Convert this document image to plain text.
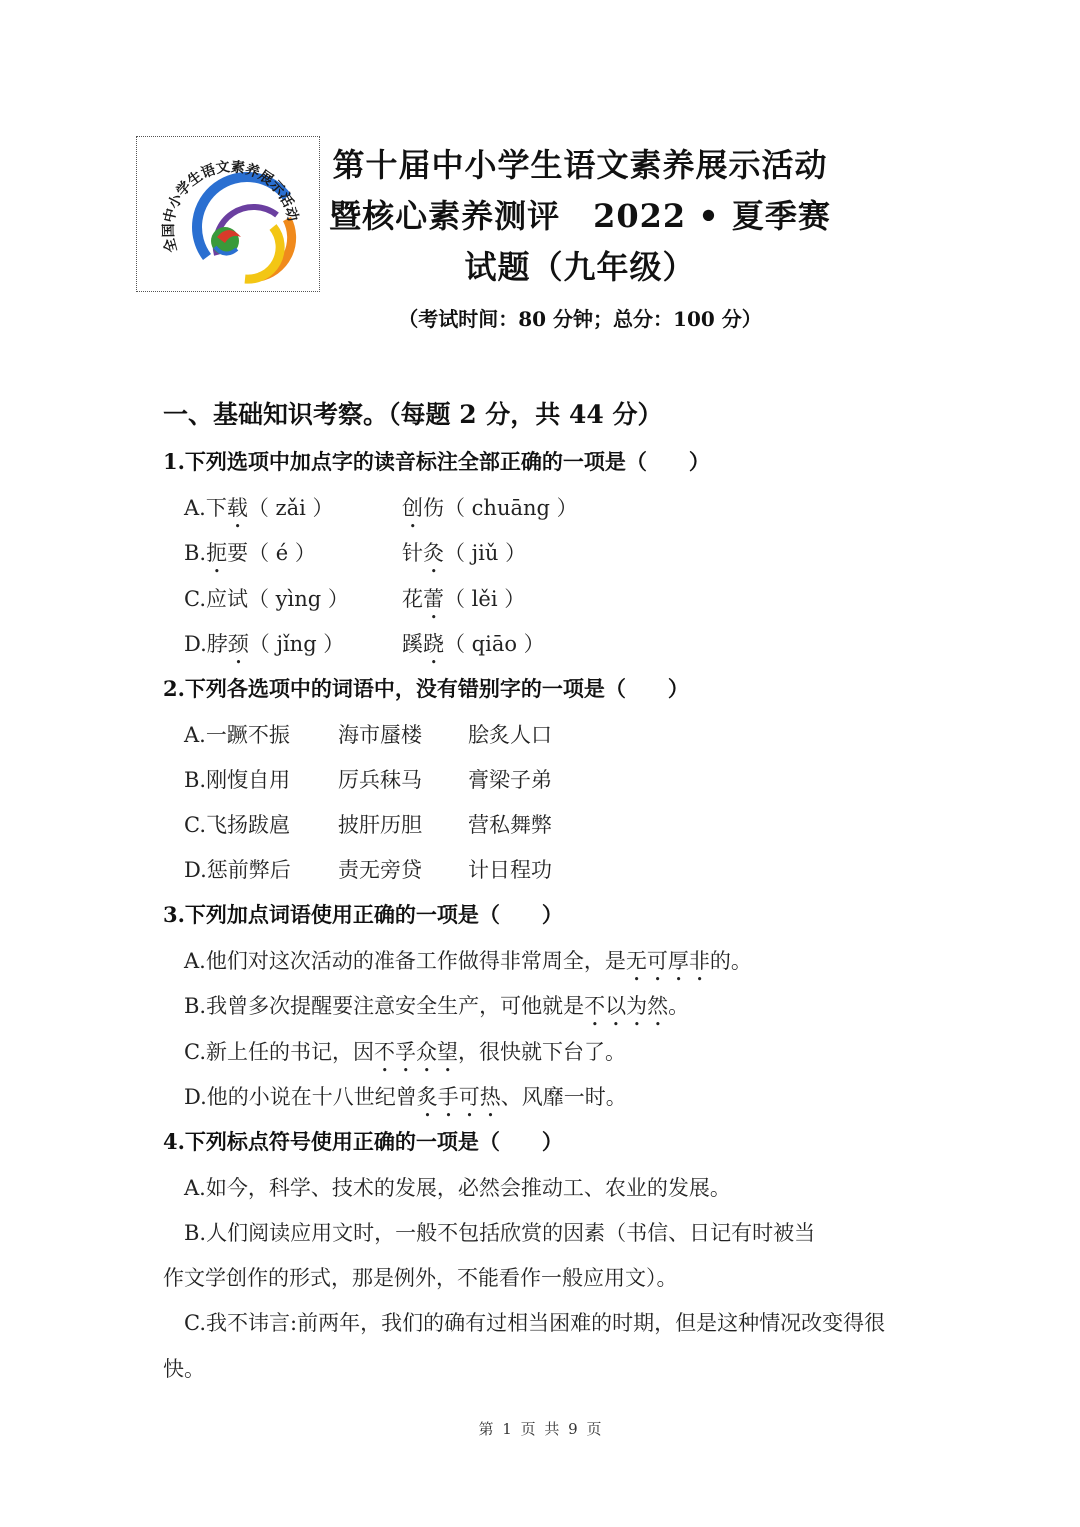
全国中小学生语文素养展示活动
第十届中小学生语文素养展示活动
暨核心素养测评　2022 • 夏季赛
试题（九年级）
（考试时间：80 分钟；总分：100 分）
一、基础知识考察。（每题 2 分，共 44 分）
1.下列选项中加点字的读音标注全部正确的一项是（　　）
A.下载（ zǎi ）	创伤（ chuāng ）
B.扼要（ é ）	针灸（ jiǔ ）
C.应试（ yìng ）	花蕾（ lěi ）
D.脖颈（ jǐng ）	蹊跷（ qiāo ）
2.下列各选项中的词语中，没有错别字的一项是（　　）
A.一蹶不振 海市蜃楼 脍炙人口
B.刚愎自用 厉兵秣马 膏梁子弟
C.飞扬跋扈 披肝历胆 营私舞弊
D.惩前弊后 责无旁贷 计日程功
3.下列加点词语使用正确的一项是（　　）
A.他们对这次活动的准备工作做得非常周全，是无可厚非的。
B.我曾多次提醒要注意安全生产，可他就是不以为然。
C.新上任的书记，因不孚众望，很快就下台了。
D.他的小说在十八世纪曾炙手可热、风靡一时。
4.下列标点符号使用正确的一项是（　　）
A.如今，科学、技术的发展，必然会推动工、农业的发展。
B.人们阅读应用文时，一般不包括欣赏的因素（书信、日记有时被当
作文学创作的形式，那是例外，不能看作一般应用文）。
C.我不讳言:前两年，我们的确有过相当困难的时期，但是这种情况改变得很
快。
第 1 页 共 9 页
